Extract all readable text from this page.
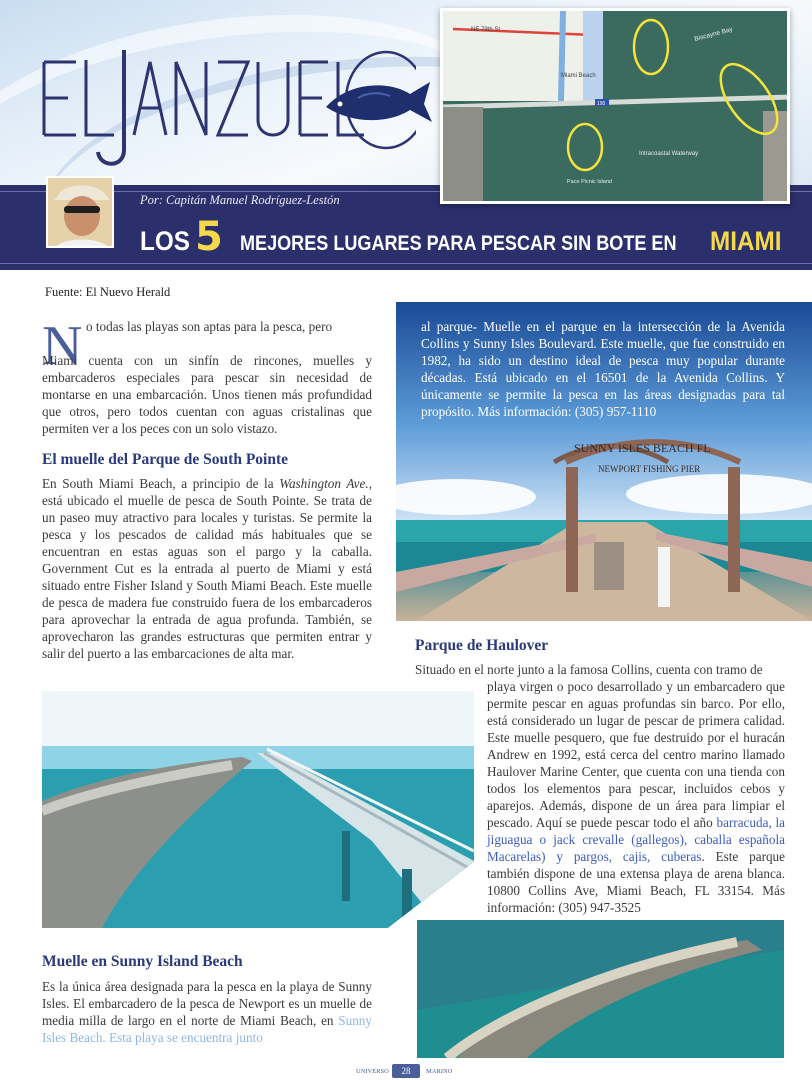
Miami Beach
NE 79th St
195
Biscayne Bay
Intracoastal Waterway
Pace Picnic Island
Por: Capitán Manuel Rodríguez-Lestón
LOS 5 MEJORES LUGARES PARA PESCAR SIN BOTE EN MIAMI
Fuente: El Nuevo Herald
N o todas las playas son aptas para la pesca, pero
Miami cuenta con un sinfín de rincones, muelles y embarcaderos especiales para pescar sin necesidad de montarse en una embarcación. Unos tienen más profundidad que otros, pero todos cuentan con aguas cristalinas que permiten ver a los peces con un solo vistazo.
El muelle del Parque de South Pointe
En South Miami Beach, a principio de la Washington Ave., está ubicado el muelle de pesca de South Pointe. Se trata de un paseo muy atractivo para locales y turistas. Se permite la pesca y los pescados de calidad más habituales que se encuentran en estas aguas son el pargo y la caballa. Government Cut es la entrada al puerto de Miami y está situado entre Fisher Island y South Miami Beach. Este muelle de pesca de madera fue construido fuera de los embarcaderos para aprovechar la entrada de agua profunda. También, se aprovecharon las grandes estructuras que permiten entrar y salir del puerto a las embarcaciones de alta mar.
SUNNY ISLES BEACH FL
NEWPORT FISHING PIER
al parque- Muelle en el parque en la intersección de la Avenida Collins y Sunny Isles Boulevard. Este muelle, que fue construido en 1982, ha sido un destino ideal de pesca muy popular durante décadas. Está ubicado en el 16501 de la Avenida Collins. Y únicamente se permite la pesca en las áreas designadas para tal propósito. Más información: (305) 957-1110
Parque de Haulover
Situado en el norte junto a la famosa Collins, cuenta con tramo de
playa virgen o poco desarrollado y un embarcadero que permite pescar en aguas profundas sin barco. Por ello, está considerado un lugar de pescar de primera calidad. Este muelle pesquero, que fue destruido por el huracán Andrew en 1992, está cerca del centro marino llamado Haulover Marine Center, que cuenta con una tienda con todos los elementos para pescar, incluidos cebos y aparejos. Además, dispone de un área para limpiar el pescado. Aquí se puede pescar todo el año barracuda, la jiguagua o jack crevalle (gallegos), caballa española Macarelas) y pargos, cajis, cuberas. Este parque también dispone de una extensa playa de arena blanca. 10800 Collins Ave, Miami Beach, FL 33154. Más información: (305) 947-3525
Muelle en Sunny Island Beach
Es la única área designada para la pesca en la playa de Sunny Isles. El embarcadero de la pesca de Newport es un muelle de media milla de largo en el norte de Miami Beach, en Sunny Isles Beach. Esta playa se encuentra junto
UNIVERSO	28	MARINO
